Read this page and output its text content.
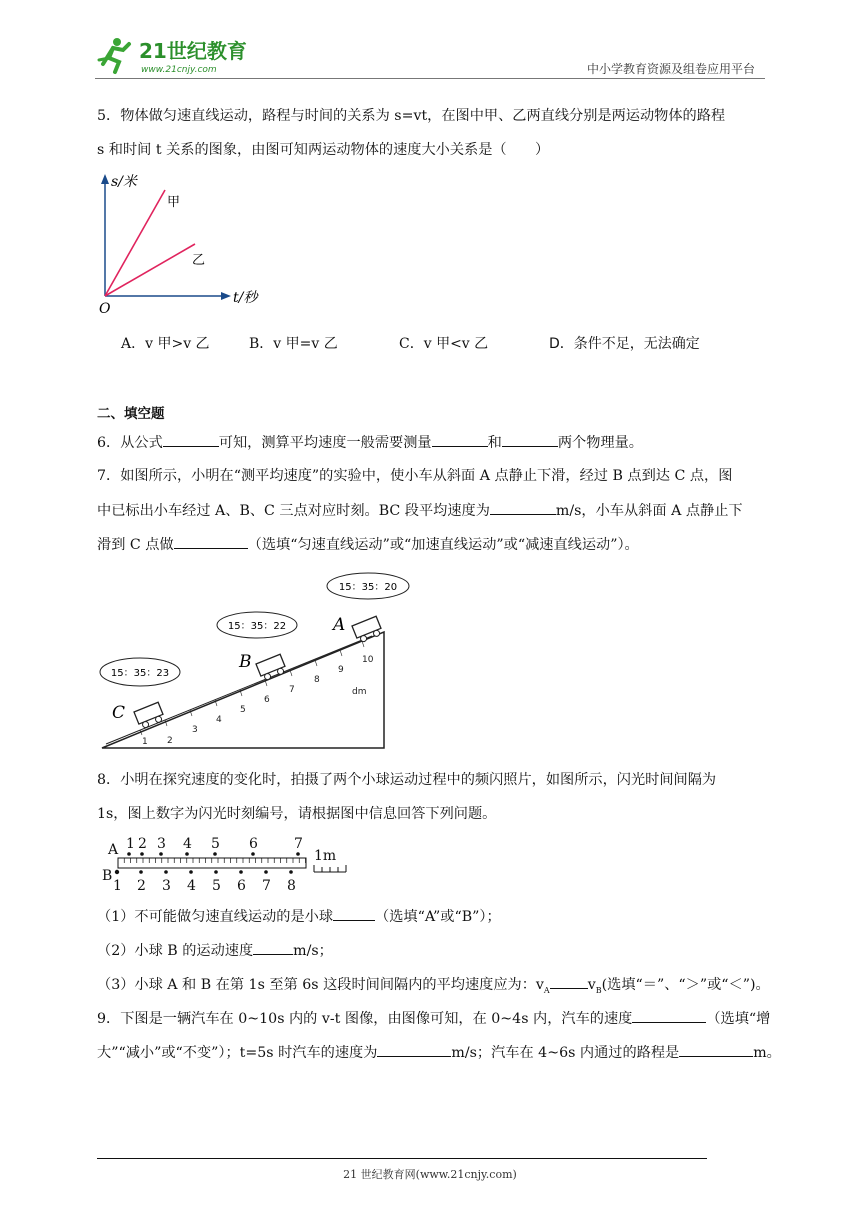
21世纪教育
www.21cnjy.com	中小学教育资源及组卷应用平台
5．物体做匀速直线运动，路程与时间的关系为 s=vt，在图中甲、乙两直线分别是两运动物体的路程
s 和时间 t 关系的图象，由图可知两运动物体的速度大小关系是（　　）
s/米
t/秒
O
甲
乙
A．v 甲>v 乙	B．v 甲=v 乙	C．v 甲<v 乙	D．条件不足，无法确定
二、填空题
6．从公式	可知，测算平均速度一般需要测量	和	两个物理量。
7．如图所示，小明在“测平均速度”的实验中，使小车从斜面 A 点静止下滑，经过 B 点到达 C 点，图
中已标出小车经过 A、B、C 三点对应时刻。BC 段平均速度为	m/s，小车从斜面 A 点静止下
滑到 C 点做	（选填“匀速直线运动”或“加速直线运动”或“减速直线运动”）。
1 2
3
4
5
6
7
8
9
10
dm
C
B
A
15：35：23
15：35：22
15：35：20
8．小明在探究速度的变化时，拍摄了两个小球运动过程中的频闪照片，如图所示，闪光时间间隔为
1s，图上数字为闪光时刻编号，请根据图中信息回答下列问题。
A
B
1 2 3 4 5 6	7
1 2 3 4 5 6 7 8
1m
（1）不可能做匀速直线运动的是小球	（选填“A”或“B”）；
（2）小球 B 的运动速度	m/s；
（3）小球 A 和 B 在第 1s 至第 6s 这段时间间隔内的平均速度应为：$v_A$	$v_B$(选填“＝”、“＞”或“＜”)。
9．下图是一辆汽车在 0~10s 内的 v-t 图像，由图像可知，在 0~4s 内，汽车的速度	（选填“增
大”“减小”或“不变”）；t=5s 时汽车的速度为	m/s；汽车在 4~6s 内通过的路程是	m。
21 世纪教育网(www.21cnjy.com)
